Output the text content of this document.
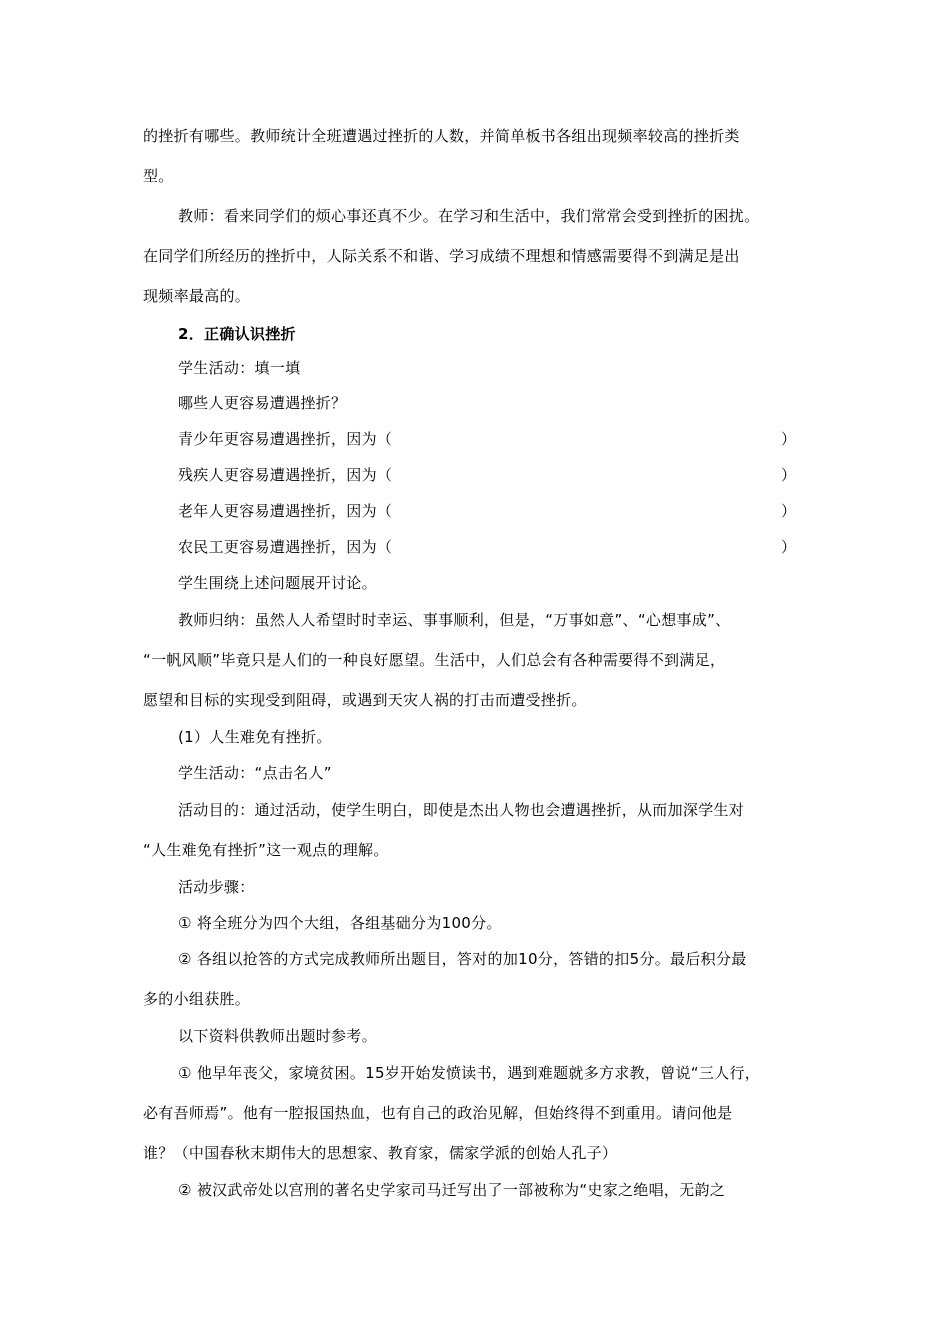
的挫折有哪些。教师统计全班遭遇过挫折的人数，并简单板书各组出现频率较高的挫折类
型。
教师：看来同学们的烦心事还真不少。在学习和生活中，我们常常会受到挫折的困扰。
在同学们所经历的挫折中，人际关系不和谐、学习成绩不理想和情感需要得不到满足是出
现频率最高的。
2．正确认识挫折
学生活动：填一填
哪些人更容易遭遇挫折？
青少年更容易遭遇挫折，因为（	）
残疾人更容易遭遇挫折，因为（	）
老年人更容易遭遇挫折，因为（	）
农民工更容易遭遇挫折，因为（	）
学生围绕上述问题展开讨论。
教师归纳：虽然人人希望时时幸运、事事顺利，但是，“万事如意”、“心想事成”、
“一帆风顺”毕竟只是人们的一种良好愿望。生活中，人们总会有各种需要得不到满足，
愿望和目标的实现受到阻碍，或遇到天灾人祸的打击而遭受挫折。
(1）人生难免有挫折。
学生活动：“点击名人”
活动目的：通过活动，使学生明白，即使是杰出人物也会遭遇挫折，从而加深学生对
“人生难免有挫折”这一观点的理解。
活动步骤：
① 将全班分为四个大组，各组基础分为100分。
② 各组以抢答的方式完成教师所出题目，答对的加10分，答错的扣5分。最后积分最
多的小组获胜。
以下资料供教师出题时参考。
① 他早年丧父，家境贫困。15岁开始发愤读书，遇到难题就多方求教，曾说“三人行，
必有吾师焉”。他有一腔报国热血，也有自己的政治见解，但始终得不到重用。请问他是
谁？（中国春秋末期伟大的思想家、教育家，儒家学派的创始人孔子）
② 被汉武帝处以宫刑的著名史学家司马迁写出了一部被称为“史家之绝唱，无韵之
